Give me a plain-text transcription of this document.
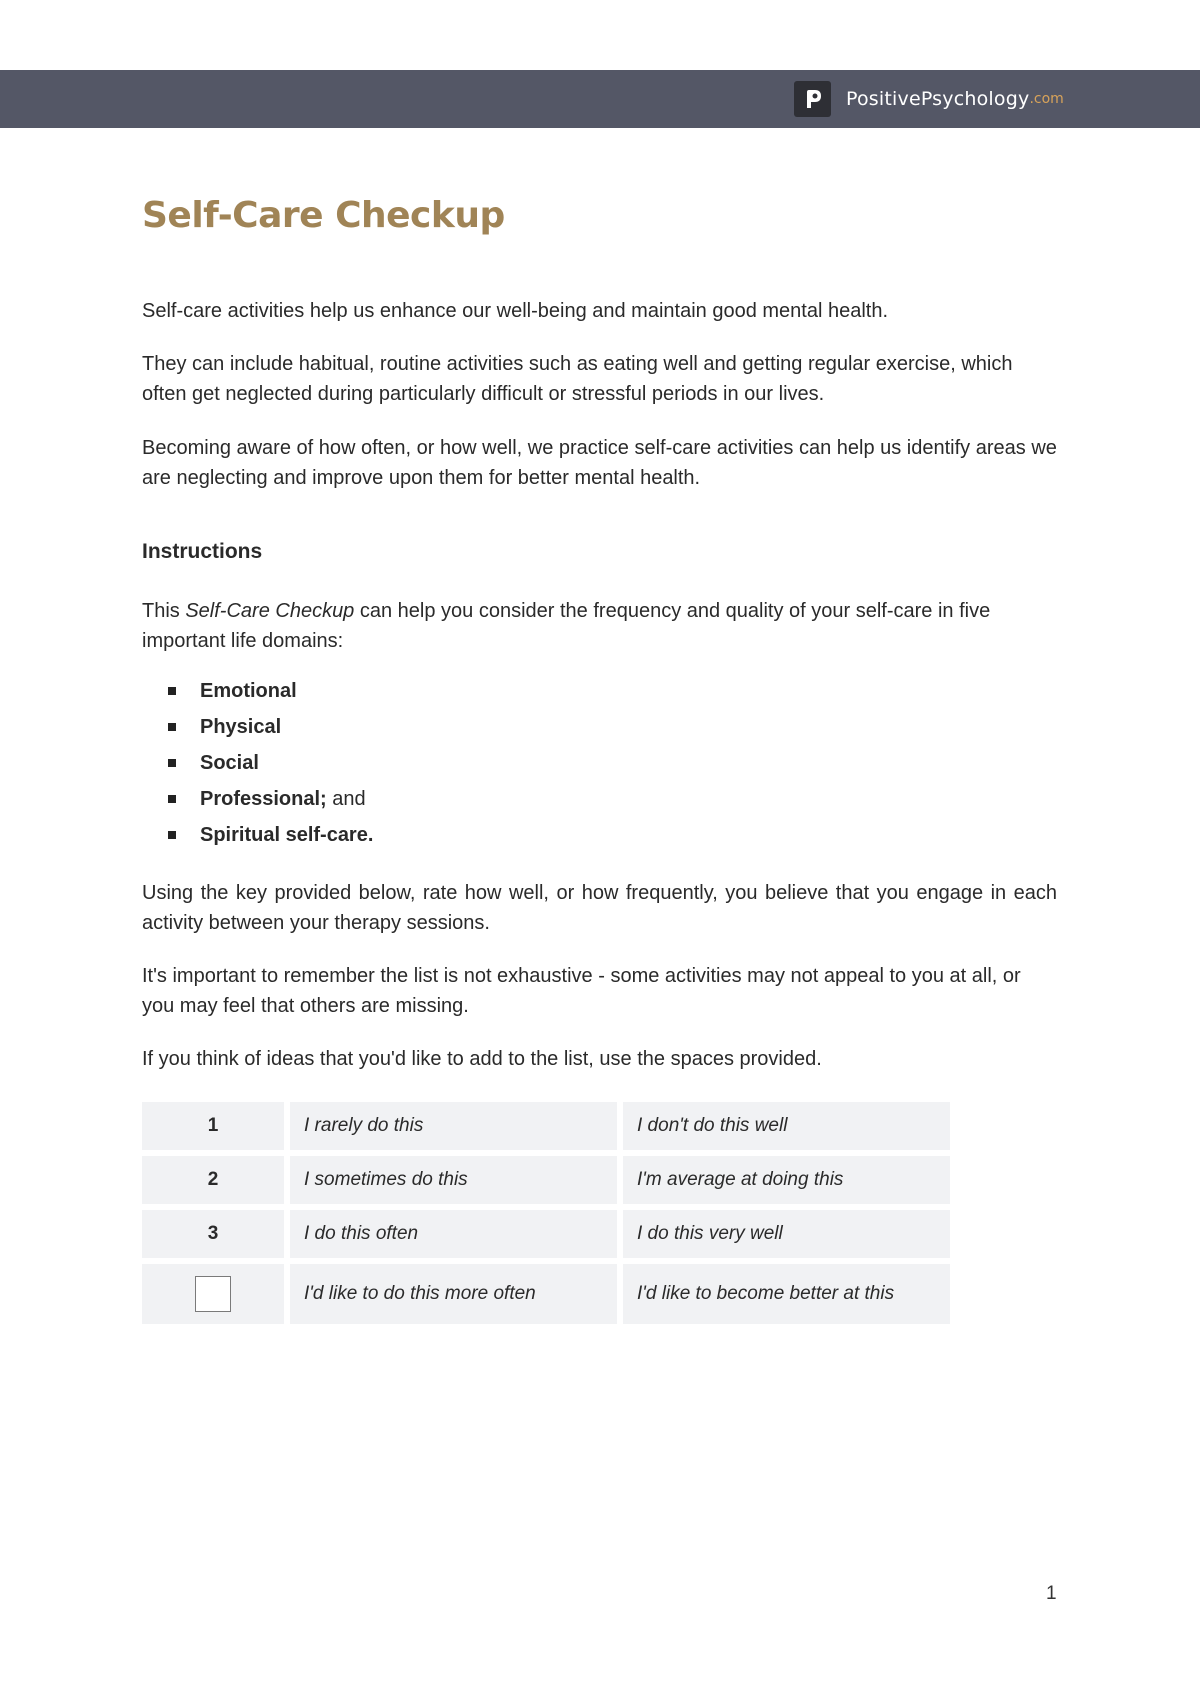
PositivePsychology .com
Self-Care Checkup

Self-care activities help us enhance our well-being and maintain good mental health.

They can include habitual, routine activities such as eating well and getting regular exercise, which often get neglected during particularly difficult or stressful periods in our lives.

Becoming aware of how often, or how well, we practice self-care activities can help us identify areas we are neglecting and improve upon them for better mental health.

Instructions

This Self-Care Checkup can help you consider the frequency and quality of your self-care in five important life domains:

Emotional
Physical
Social
Professional; and
Spiritual self-care.

Using the key provided below, rate how well, or how frequently, you believe that you engage in each activity between your therapy sessions.

It's important to remember the list is not exhaustive - some activities may not appeal to you at all, or you may feel that others are missing.

If you think of ideas that you'd like to add to the list, use the spaces provided.

1	I rarely do this	I don't do this well
2	I sometimes do this	I'm average at doing this
3	I do this often	I do this very well
	I'd like to do this more often	I'd like to become better at this
1
